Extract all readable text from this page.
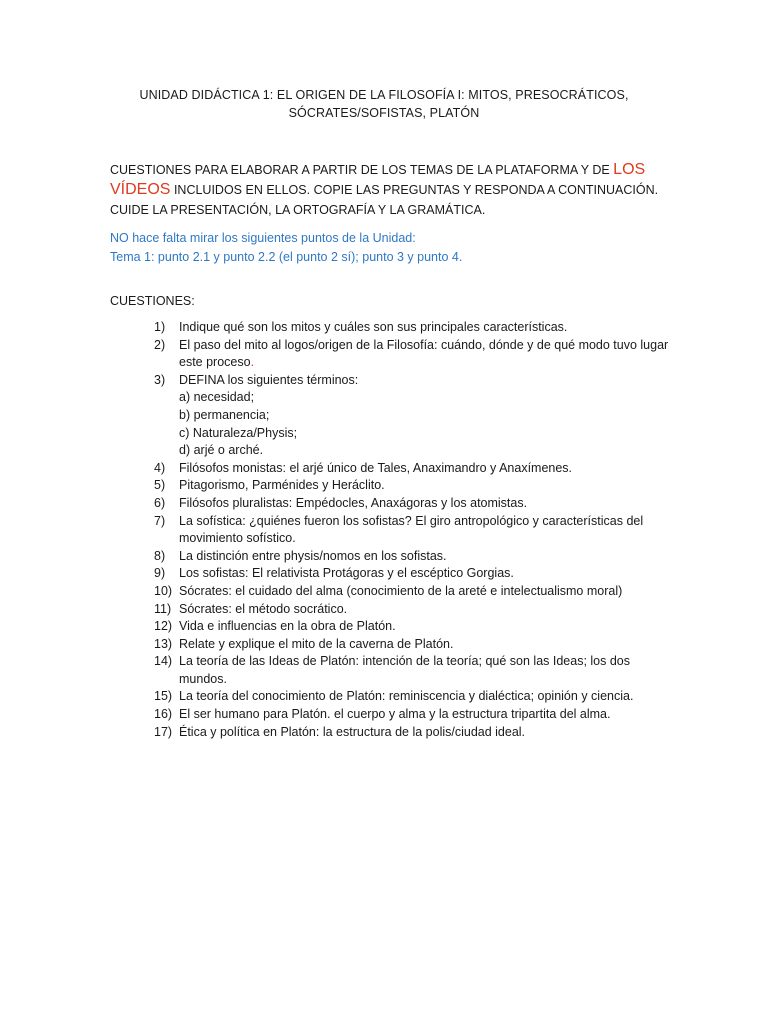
UNIDAD DIDÁCTICA 1: EL ORIGEN DE LA FILOSOFÍA I: MITOS, PRESOCRÁTICOS,
SÓCRATES/SOFISTAS, PLATÓN
CUESTIONES PARA ELABORAR A PARTIR DE LOS TEMAS DE LA PLATAFORMA Y DE LOS VÍDEOS INCLUIDOS EN ELLOS. COPIE LAS PREGUNTAS Y RESPONDA A CONTINUACIÓN. CUIDE LA PRESENTACIÓN, LA ORTOGRAFÍA Y LA GRAMÁTICA.
NO hace falta mirar los siguientes puntos de la Unidad:
Tema 1: punto 2.1 y punto 2.2 (el punto 2 sí); punto 3 y punto 4.
CUESTIONES:
1)	Indique qué son los mitos y cuáles son sus principales características.
2)	El paso del mito al logos/origen de la Filosofía: cuándo, dónde y de qué modo tuvo lugar este proceso.
3)	DEFINA los siguientes términos:
a) necesidad;
b) permanencia;
c) Naturaleza/Physis;
d) arjé o arché.
4)	Filósofos monistas: el arjé único de Tales, Anaximandro y Anaxímenes.
5)	Pitagorismo, Parménides y Heráclito.
6)	Filósofos pluralistas: Empédocles, Anaxágoras y los atomistas.
7)	La sofística: ¿quiénes fueron los sofistas? El giro antropológico y características del movimiento sofístico.
8)	La distinción entre physis/nomos en los sofistas.
9)	Los sofistas: El relativista Protágoras y el escéptico Gorgias.
10) Sócrates: el cuidado del alma (conocimiento de la areté e intelectualismo moral)
11) Sócrates: el método socrático.
12) Vida e influencias en la obra de Platón.
13) Relate y explique el mito de la caverna de Platón.
14) La teoría de las Ideas de Platón: intención de la teoría; qué son las Ideas; los dos mundos.
15) La teoría del conocimiento de Platón: reminiscencia y dialéctica; opinión y ciencia.
16) El ser humano para Platón. el cuerpo y alma y la estructura tripartita del alma.
17) Ética y política en Platón: la estructura de la polis/ciudad ideal.
